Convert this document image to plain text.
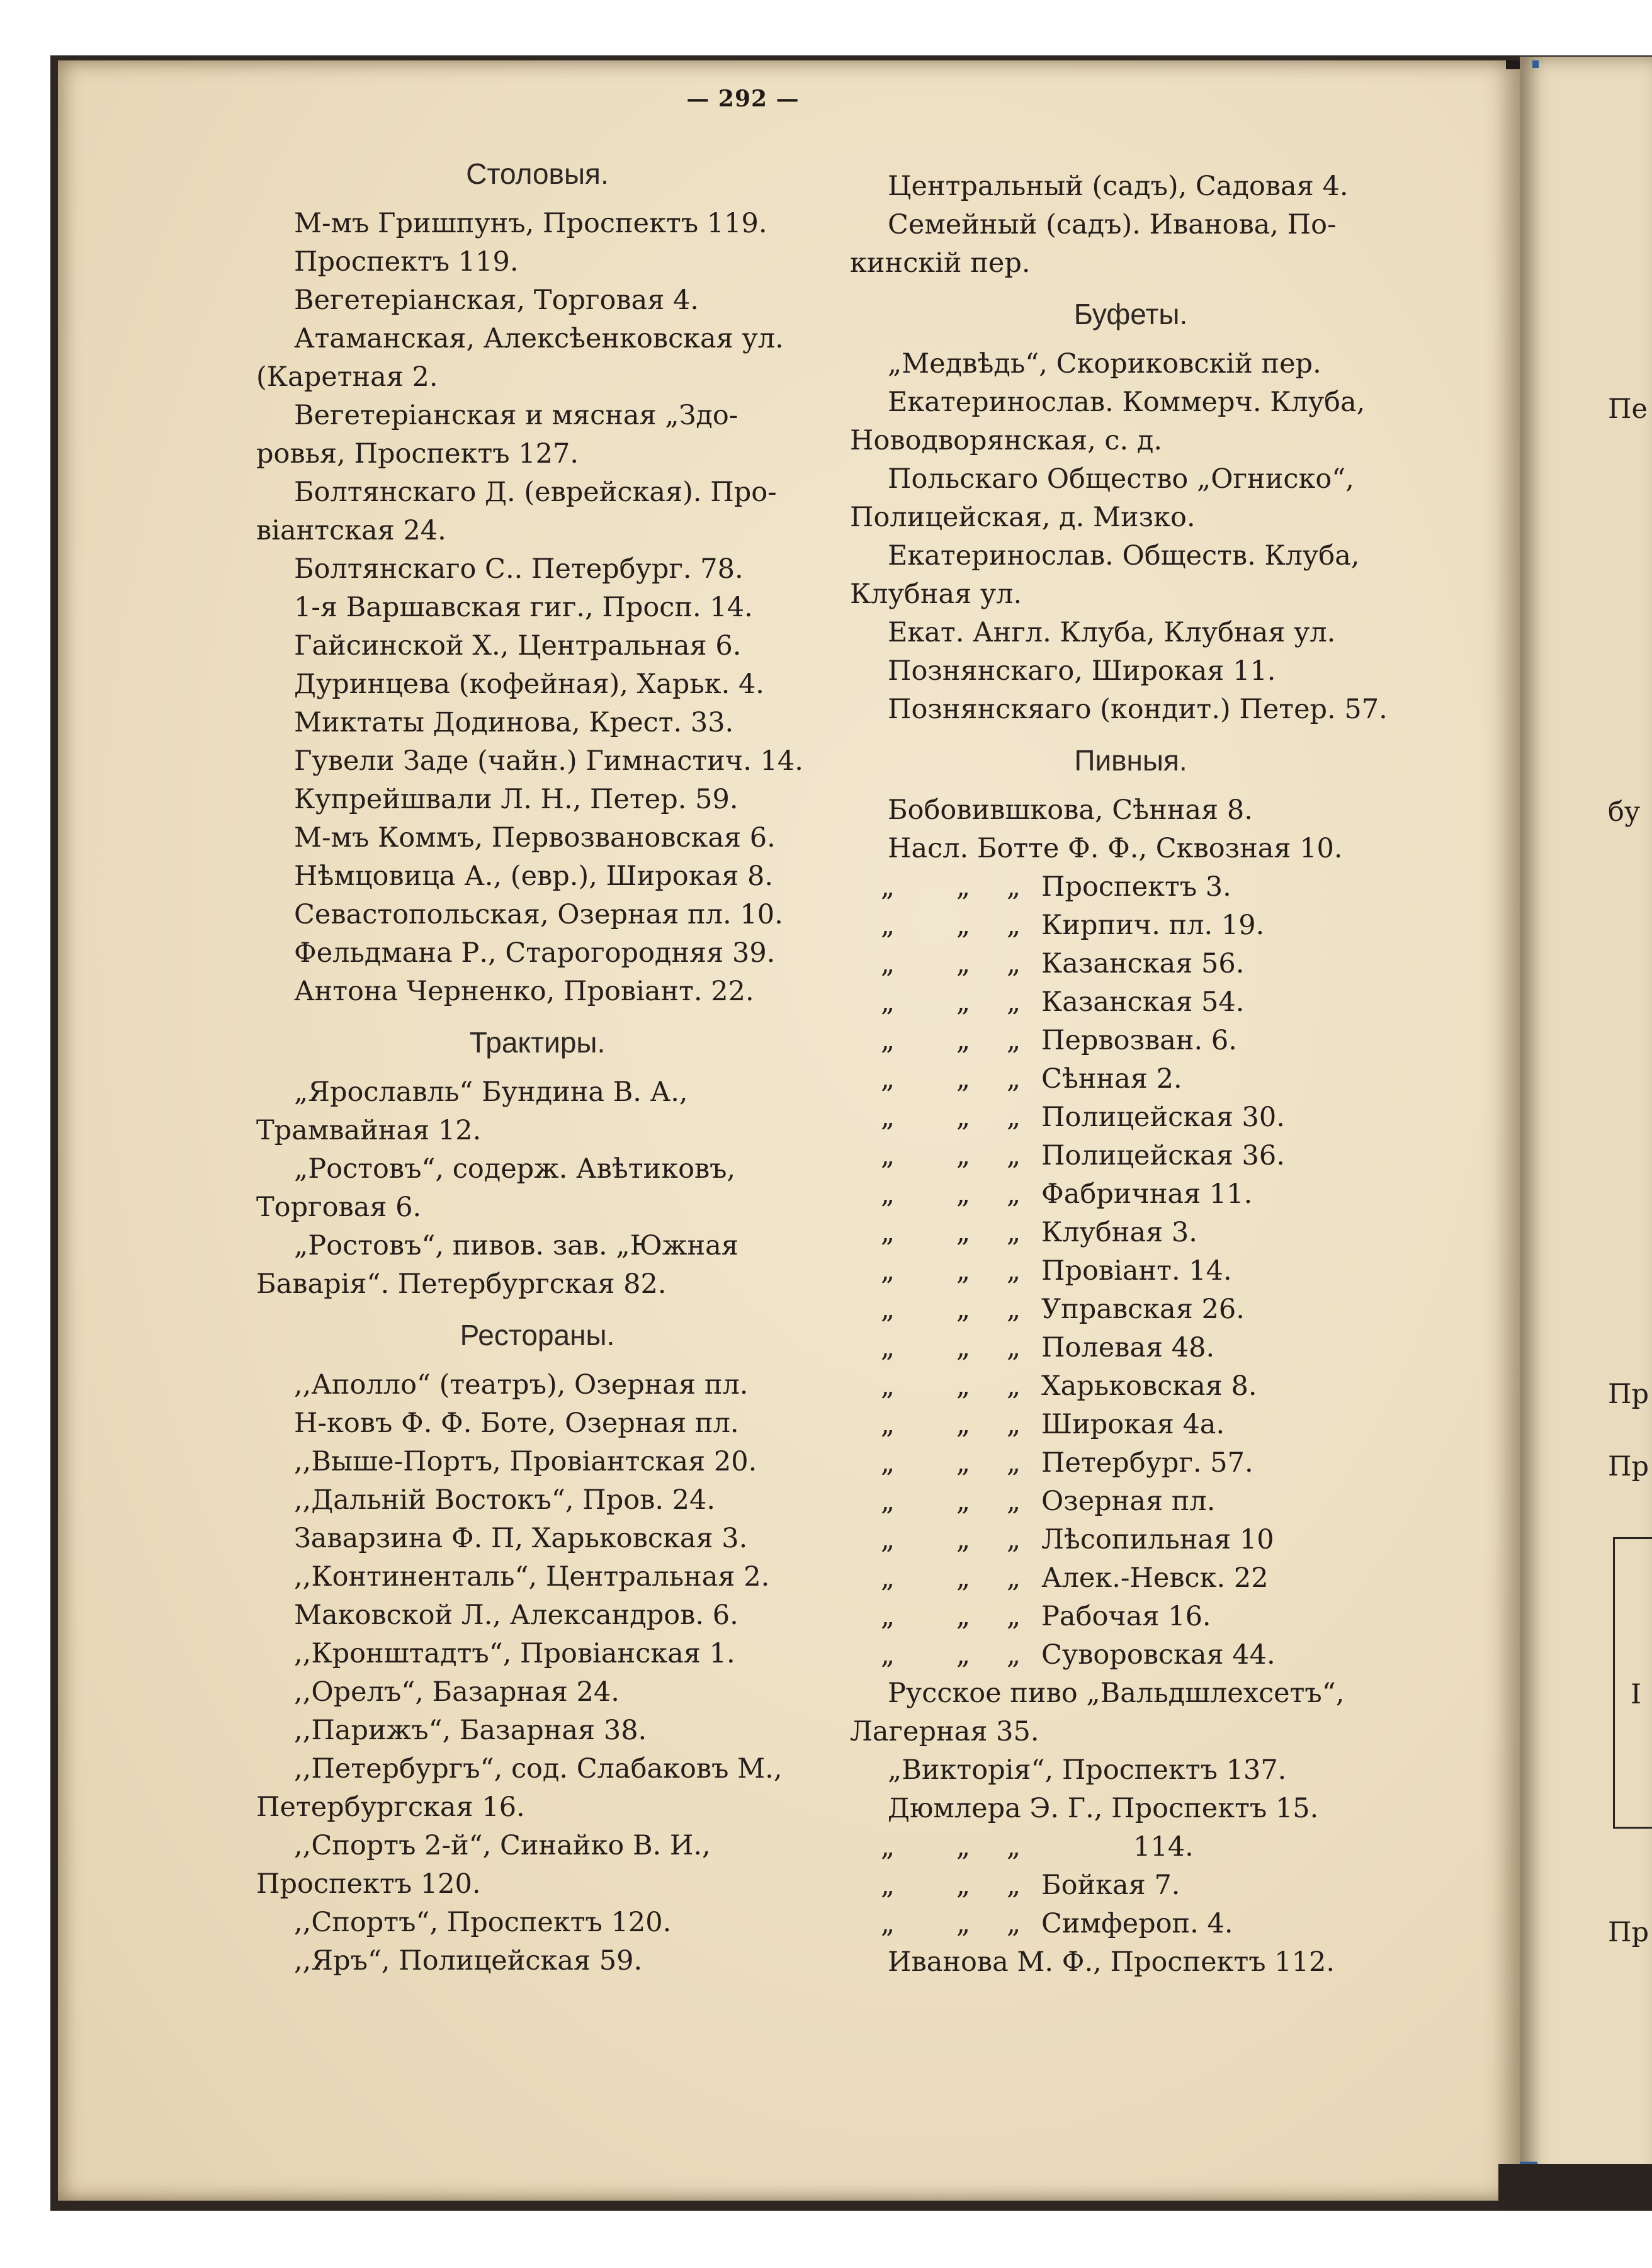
Пе
бу
Пр
Пр
I
Пр
— 292 —
Столовыя.
М-мъ Гришпунъ, Проспектъ 119.
Проспектъ 119.
Вегетеріанская, Торговая 4.
Атаманская, Алексѣенковская ул.
(Каретная 2.
Вегетеріанская и мясная „Здо-
ровья, Проспектъ 127.
Болтянскаго Д. (еврейская). Про-
віантская 24.
Болтянскаго С.. Петербург. 78.
1-я Варшавская гиг., Просп. 14.
Гайсинской Х., Центральная 6.
Дуринцева (кофейная), Харьк. 4.
Миктаты Додинова, Крест. 33.
Гувели Заде (чайн.) Гимнастич. 14.
Купрейшвали Л. Н., Петер. 59.
М-мъ Коммъ, Первозвановская 6.
Нѣмцовица А., (евр.), Широкая 8.
Севастопольская, Озерная пл. 10.
Фельдмана Р., Старогородняя 39.
Антона Черненко, Провіант. 22.
Трактиры.
„Ярославль“ Бундина В. А.,
Трамвайная 12.
„Ростовъ“, содерж. Авѣтиковъ,
Торговая 6.
„Ростовъ“, пивов. зав. „Южная
Баварія“. Петербургская 82.
Рестораны.
,,Аполло“ (театръ), Озерная пл.
Н-ковъ Ф. Ф. Боте, Озерная пл.
,,Выше-Портъ, Провіантская 20.
,,Дальній Востокъ“, Пров. 24.
Заварзина Ф. П, Харьковская 3.
,,Континенталь“, Центральная 2.
Маковской Л., Александров. 6.
,,Кронштадтъ“, Провіанская 1.
,,Орелъ“, Базарная 24.
,,Парижъ“, Базарная 38.
,,Петербургъ“, сод. Слабаковъ М.,
Петербургская 16.
,,Спортъ 2-й“, Синайко В. И.,
Проспектъ 120.
,,Спортъ“, Проспектъ 120.
,,Яръ“, Полицейская 59.
Центральный (садъ), Садовая 4.
Семейный (садъ). Иванова, По-
кинскій пер.
Буфеты.
„Медвѣдь“, Скориковскій пер.
Екатеринослав. Коммерч. Клуба,
Новодворянская, с. д.
Польскаго Общество „Огниско“,
Полицейская, д. Мизко.
Екатеринослав. Обществ. Клуба,
Клубная ул.
Екат. Англ. Клуба, Клубная ул.
Познянскаго, Широкая 11.
Познянскяаго (кондит.) Петер. 57.
Пивныя.
Бобовившкова, Сѣнная 8.
Насл. Ботте Ф. Ф., Сквозная 10.
„	„	„ Проспектъ 3.
„	„	„ Кирпич. пл. 19.
„	„	„ Казанская 56.
„	„	„ Казанская 54.
„	„	„ Первозван. 6.
„	„	„ Сѣнная 2.
„	„	„ Полицейская 30.
„	„	„ Полицейская 36.
„	„	„ Фабричная 11.
„	„	„ Клубная 3.
„	„	„ Провіант. 14.
„	„	„ Управская 26.
„	„	„ Полевая 48.
„	„	„ Харьковская 8.
„	„	„ Широкая 4а.
„	„	„ Петербург. 57.
„	„	„ Озерная пл.
„	„	„ Лѣсопильная 10
„	„	„ Алек.-Невск. 22
„	„	„ Рабочая 16.
„	„	„ Суворовская 44.
Русское пиво „Вальдшлехсетъ“,
Лагерная 35.
„Викторія“, Проспектъ 137.
Дюмлера Э. Г., Проспектъ 15.
„	„	„	114.
„	„	„ Бойкая 7.
„	„	„ Симфероп. 4.
Иванова М. Ф., Проспектъ 112.
